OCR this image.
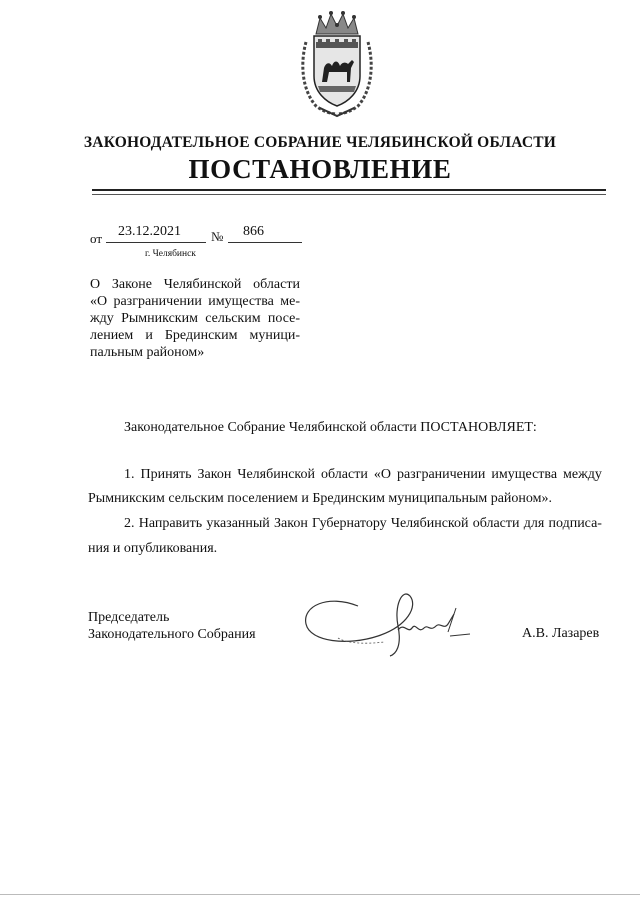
ЗАКОНОДАТЕЛЬНОЕ СОБРАНИЕ ЧЕЛЯБИНСКОЙ ОБЛАСТИ
ПОСТАНОВЛЕНИЕ
от 23.12.2021 № 866
г. Челябинск
О Законе Челябинской области
«О разграничении имущества ме-
жду Рымникским сельским посе-
лением и Брединским муници-
пальным районом»
Законодательное Собрание Челябинской области ПОСТАНОВЛЯЕТ:
1. Принять Закон Челябинской области «О разграничении имущества между
Рымникским сельским поселением и Брединским муниципальным районом».
2. Направить указанный Закон Губернатору Челябинской области для подписа-
ния и опубликования.
Председатель
Законодательного Собрания	А.В. Лазарев
